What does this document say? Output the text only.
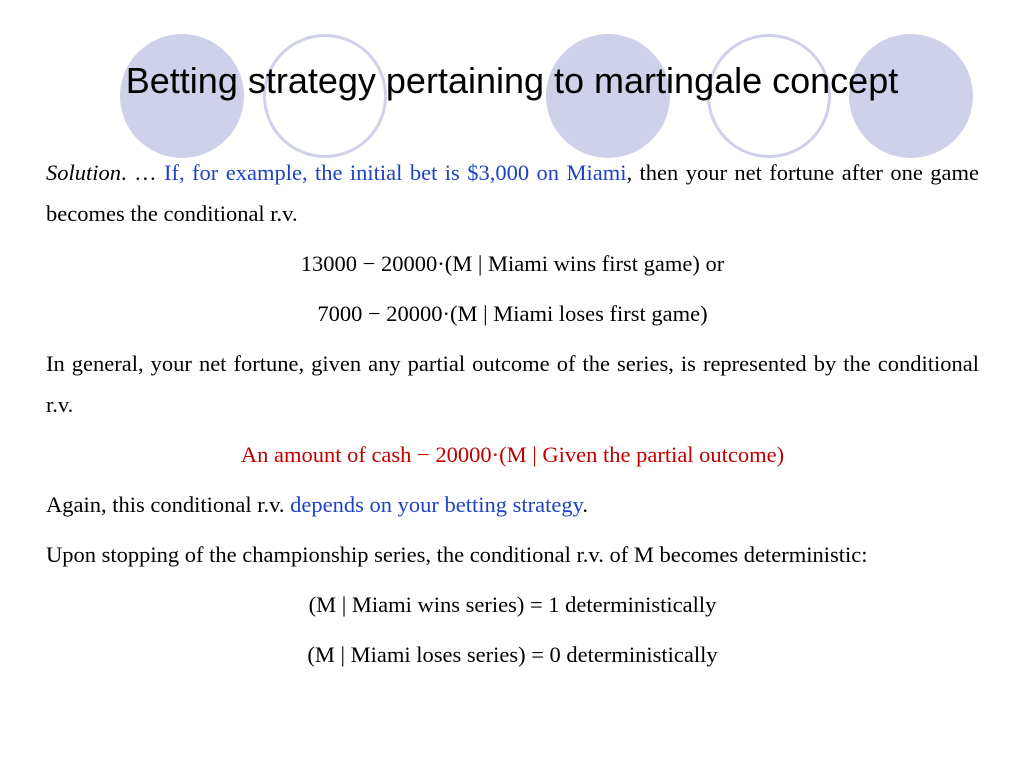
Betting strategy pertaining to martingale concept

Solution. … If, for example, the initial bet is $3,000 on Miami, then your net fortune after one game becomes the conditional r.v.

13000 − 20000·(M | Miami wins first game) or

7000 − 20000·(M | Miami loses first game)

In general, your net fortune, given any partial outcome of the series, is represented by the conditional r.v.

An amount of cash − 20000·(M | Given the partial outcome)

Again, this conditional r.v. depends on your betting strategy.

Upon stopping of the championship series, the conditional r.v. of M becomes deterministic:

(M | Miami wins series) = 1 deterministically

(M | Miami loses series) = 0 deterministically
